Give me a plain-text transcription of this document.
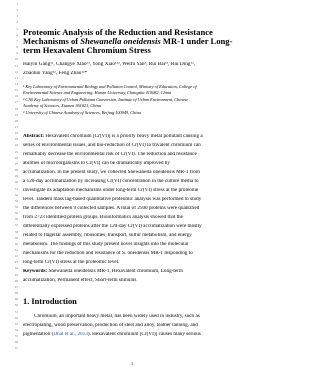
1
2
3
4
5
6
7
8
9
10
11
12
13
14
15
16
17
18
19
20
21
22
23
24
25
26
27
28
29
30
31
32
33
34
35
36
37
38
39
40
41
42
43
44
45
46
47
48
49
50
51
52
53
54
55
56
57
Proteomic Analysis of the Reduction and Resistance
Mechanisms of Shewanella oneidensis MR-1 under Long-
term Hexavalent Chromium Stress
Haiyin Gang¹², Changye Xiao¹³, Yong Xiao¹²³, Weifu Yan², Rui Bai¹³, Rui Ding¹²,
Zhaohui Yang¹², Feng Zhao¹²*
¹ Key Laboratory of Environmental Biology and Pollution Control, Ministry of Education, College of
Environmental Science and Engineering, Hunan University, Changsha 410082, China
² CAS Key Laboratory of Urban Pollutant Conversion, Institute of Urban Environment, Chinese
Academy of Sciences, Xiamen 361021, China
³ University of Chinese Academy of Sciences, Beijing 100049, China
Abstract: Hexavalent chromium [Cr(VI)] is a priority heavy metal pollutant causing a
series of environmental issues, and bio-reduction of Cr(VI) to trivalent chromium can
remarkably decrease the environmental risk of Cr(VI). The reduction and resistance
abilities of microorganisms to Cr(VI) can be dramatically improved by
acclimatization. In the present study, we collected Shewanella oneidensis MR-1 from
a 120-day acclimatization by increasing Cr(VI) concentration in the culture media to
investigate its adaptation mechanisms under long-term Cr(VI) stress at the proteome
level. Tandem mass tag-based quantitative proteomic analysis was performed to study
the differences between 9 collected samples. A total of 2500 proteins were quantified
from 2723 identified protein groups. Bioinformatics analysis showed that the
differentially expressed proteins after the 120-day Cr(VI) acclimatization were mostly
related to flagellar assembly, ribosomes, transport, sulfur metabolism, and energy
metabolism. The findings of this study present novel insights into the molecular
mechanisms for the reduction and resistance of S. oneidensis MR-1 responding to
long-term Cr(VI) stress at the proteomic level.
Keywords: Shewanella oneidensis MR-1, Hexavalent chromium, Long-term
acclimatization, Permanent effect, Short-term stimulus
1. Introduction
Chromium, an important heavy metal, has been widely used in industry, such as
electroplating, wood preservation, production of steel and alloy, leather tanning, and
pigmentation (Dhal et al., 2013). Hexavalent chromium [Cr(VI)] causes many serious
1
